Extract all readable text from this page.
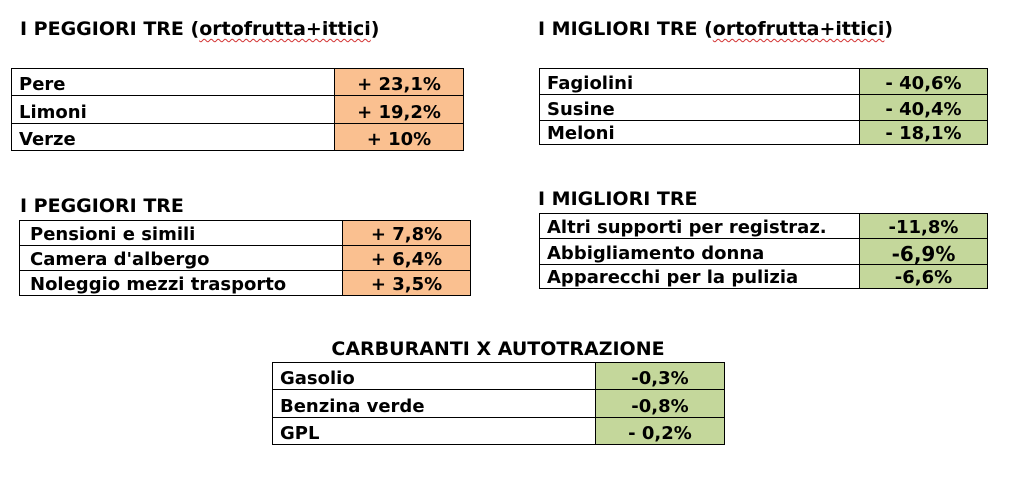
I PEGGIORI TRE (ortofrutta+ittici)
Pere	+ 23,1%
Limoni	+ 19,2%
Verze	+ 10%
I MIGLIORI TRE (ortofrutta+ittici)
Fagiolini	- 40,6%
Susine	- 40,4%
Meloni	- 18,1%
I PEGGIORI TRE
Pensioni e simili	+ 7,8%
Camera d'albergo	+ 6,4%
Noleggio mezzi trasporto	+ 3,5%
I MIGLIORI TRE
Altri supporti per registraz.	-11,8%
Abbigliamento donna	-6,9%
Apparecchi per la pulizia	-6,6%
CARBURANTI X AUTOTRAZIONE
Gasolio	-0,3%
Benzina verde	-0,8%
GPL	- 0,2%
